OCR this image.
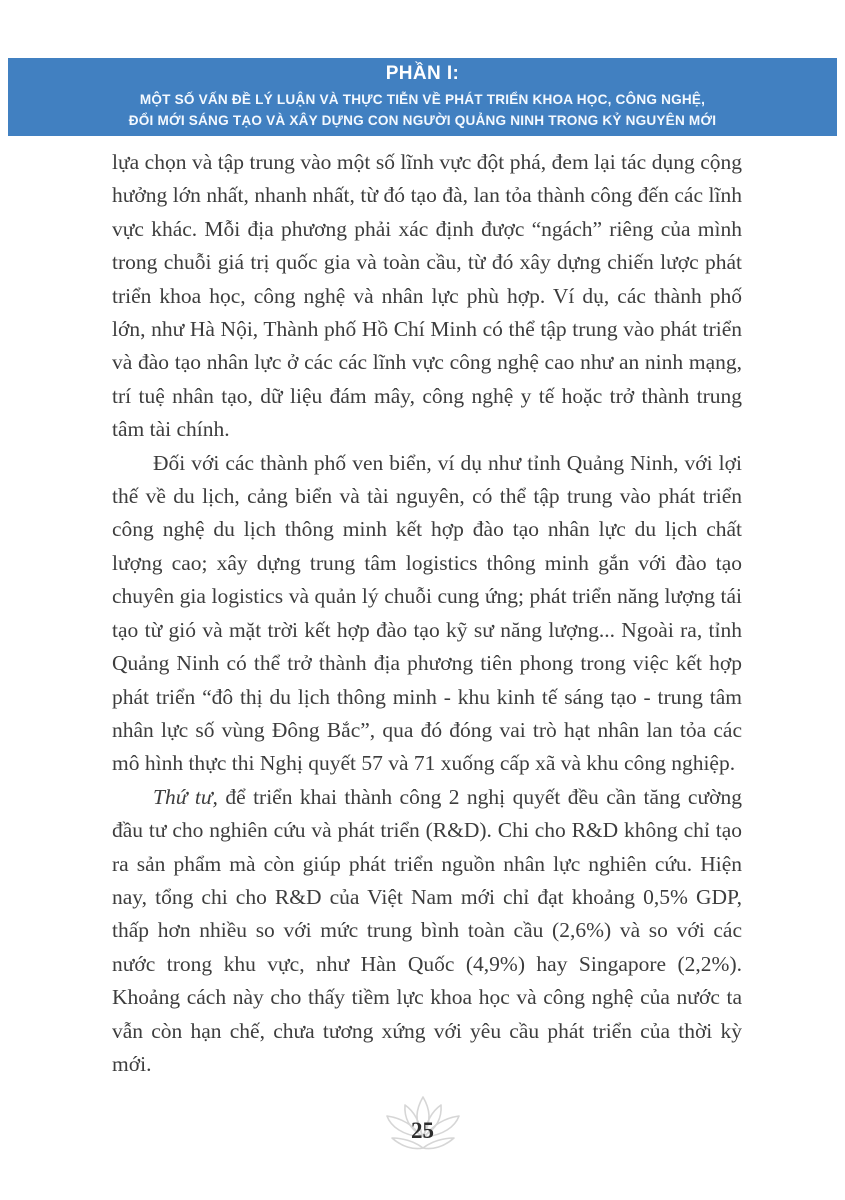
PHẦN I:
MỘT SỐ VẤN ĐỀ LÝ LUẬN VÀ THỰC TIỄN VỀ PHÁT TRIỂN KHOA HỌC, CÔNG NGHỆ,
ĐỔI MỚI SÁNG TẠO VÀ XÂY DỰNG CON NGƯỜI QUẢNG NINH TRONG KỶ NGUYÊN MỚI

lựa chọn và tập trung vào một số lĩnh vực đột phá, đem lại tác dụng cộng hưởng lớn nhất, nhanh nhất, từ đó tạo đà, lan tỏa thành công đến các lĩnh vực khác. Mỗi địa phương phải xác định được “ngách” riêng của mình trong chuỗi giá trị quốc gia và toàn cầu, từ đó xây dựng chiến lược phát triển khoa học, công nghệ và nhân lực phù hợp. Ví dụ, các thành phố lớn, như Hà Nội, Thành phố Hồ Chí Minh có thể tập trung vào phát triển và đào tạo nhân lực ở các các lĩnh vực công nghệ cao như an ninh mạng, trí tuệ nhân tạo, dữ liệu đám mây, công nghệ y tế hoặc trở thành trung tâm tài chính.

Đối với các thành phố ven biển, ví dụ như tỉnh Quảng Ninh, với lợi thế về du lịch, cảng biển và tài nguyên, có thể tập trung vào phát triển công nghệ du lịch thông minh kết hợp đào tạo nhân lực du lịch chất lượng cao; xây dựng trung tâm logistics thông minh gắn với đào tạo chuyên gia logistics và quản lý chuỗi cung ứng; phát triển năng lượng tái tạo từ gió và mặt trời kết hợp đào tạo kỹ sư năng lượng... Ngoài ra, tỉnh Quảng Ninh có thể trở thành địa phương tiên phong trong việc kết hợp phát triển “đô thị du lịch thông minh - khu kinh tế sáng tạo - trung tâm nhân lực số vùng Đông Bắc”, qua đó đóng vai trò hạt nhân lan tỏa các mô hình thực thi Nghị quyết 57 và 71 xuống cấp xã và khu công nghiệp.

Thứ tư, để triển khai thành công 2 nghị quyết đều cần tăng cường đầu tư cho nghiên cứu và phát triển (R&D). Chi cho R&D không chỉ tạo ra sản phẩm mà còn giúp phát triển nguồn nhân lực nghiên cứu. Hiện nay, tổng chi cho R&D của Việt Nam mới chỉ đạt khoảng 0,5% GDP, thấp hơn nhiều so với mức trung bình toàn cầu (2,6%) và so với các nước trong khu vực, như Hàn Quốc (4,9%) hay Singapore (2,2%). Khoảng cách này cho thấy tiềm lực khoa học và công nghệ của nước ta vẫn còn hạn chế, chưa tương xứng với yêu cầu phát triển của thời kỳ mới.

25
